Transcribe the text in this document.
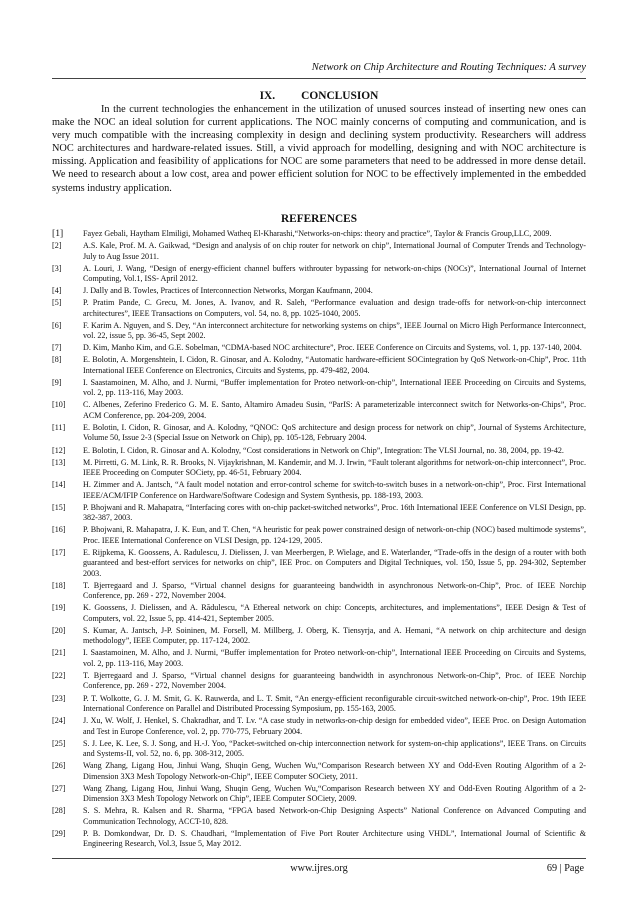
Network on Chip Architecture and Routing Techniques: A survey
IX. CONCLUSION

In the current technologies the enhancement in the utilization of unused sources instead of inserting new ones can make the NOC an ideal solution for current applications. The NOC mainly concerns of computing and communication, and is very much compatible with the increasing complexity in design and declining system productivity. Researchers will address NOC architectures and hardware-related issues. Still, a vivid approach for modelling, designing and with NOC architecture is missing. Application and feasibility of applications for NOC are some parameters that need to be addressed in more dense detail. We need to research about a low cost, area and power efficient solution for NOC to be effectively implemented in the embedded systems industry application.

REFERENCES
[1]	Fayez Gebali, Haytham Elmiligi, Mohamed Watheq El-Kharashi,“Networks-on-chips: theory and practice”, Taylor & Francis Group,LLC, 2009.
[2]	A.S. Kale, Prof. M. A. Gaikwad, “Design and analysis of on chip router for network on chip”, International Journal of Computer Trends and Technology- July to Aug Issue 2011.
[3]	A. Louri, J. Wang, “Design of energy-efficient channel buffers withrouter bypassing for network-on-chips (NOCs)”, International Journal of Internet Computing, Vol.1, ISS- April 2012.
[4]	J. Dally and B. Towles, Practices of Interconnection Networks, Morgan Kaufmann, 2004.
[5]	P. Pratim Pande, C. Grecu, M. Jones, A. Ivanov, and R. Saleh, “Performance evaluation and design trade-offs for network-on-chip interconnect architectures”, IEEE Transactions on Computers, vol. 54, no. 8, pp. 1025-1040, 2005.
[6]	F. Karim A. Nguyen, and S. Dey, “An interconnect architecture for networking systems on chips”, IEEE Journal on Micro High Performance Interconnect, vol. 22, issue 5, pp. 36-45, Sept 2002.
[7]	D. Kim, Manho Kim, and G.E. Sobelman, “CDMA-based NOC architecture”, Proc. IEEE Conference on Circuits and Systems, vol. 1, pp. 137-140, 2004.
[8]	E. Bolotin, A. Morgenshtein, I. Cidon, R. Ginosar, and A. Kolodny, “Automatic hardware-efficient SOCintegration by QoS Network-on-Chip”, Proc. 11th International IEEE Conference on Electronics, Circuits and Systems, pp. 479-482, 2004.
[9]	I. Saastamoinen, M. Alho, and J. Nurmi, “Buffer implementation for Proteo network-on-chip”, International IEEE Proceeding on Circuits and Systems, vol. 2, pp. 113-116, May 2003.
[10]	C. Albenes, Zeferino Frederico G. M. E. Santo, Altamiro Amadeu Susin, “ParIS: A parameterizable interconnect switch for Networks-on-Chips”, Proc. ACM Conference, pp. 204-209, 2004.
[11]	E. Bolotin, I. Cidon, R. Ginosar, and A. Kolodny, “QNOC: QoS architecture and design process for network on chip”, Journal of Systems Architecture, Volume 50, Issue 2-3 (Special Issue on Network on Chip), pp. 105-128, February 2004.
[12]	E. Bolotin, I. Cidon, R. Ginosar and A. Kolodny, “Cost considerations in Network on Chip”, Integration: The VLSI Journal, no. 38, 2004, pp. 19-42.
[13]	M. Pirretti, G. M. Link, R. R. Brooks, N. Vijaykrishnan, M. Kandemir, and M. J. Irwin, “Fault tolerant algorithms for network-on-chip interconnect”, Proc. IEEE Proceeding on Computer SOCiety, pp. 46-51, February 2004.
[14]	H. Zimmer and A. Jantsch, “A fault model notation and error-control scheme for switch-to-switch buses in a network-on-chip”, Proc. First International IEEE/ACM/IFIP Conference on Hardware/Software Codesign and System Synthesis, pp. 188-193, 2003.
[15]	P. Bhojwani and R. Mahapatra, “Interfacing cores with on-chip packet-switched networks”, Proc. 16th International IEEE Conference on VLSI Design, pp. 382-387, 2003.
[16]	P. Bhojwani, R. Mahapatra, J. K. Eun, and T. Chen, “A heuristic for peak power constrained design of network-on-chip (NOC) based multimode systems”, Proc. IEEE International Conference on VLSI Design, pp. 124-129, 2005.
[17]	E. Rijpkema, K. Goossens, A. Radulescu, J. Dielissen, J. van Meerbergen, P. Wielage, and E. Waterlander, “Trade-offs in the design of a router with both guaranteed and best-effort services for networks on chip”, IEE Proc. on Computers and Digital Techniques, vol. 150, Issue 5, pp. 294-302, September 2003.
[18]	T. Bjerregaard and J. Sparso, “Virtual channel designs for guaranteeing bandwidth in asynchronous Network-on-Chip”, Proc. of IEEE Norchip Conference, pp. 269 - 272, November 2004.
[19]	K. Goossens, J. Dielissen, and A. Rădulescu, “A Ethereal network on chip: Concepts, architectures, and implementations”, IEEE Design & Test of Computers, vol. 22, Issue 5, pp. 414-421, September 2005.
[20]	S. Kumar, A. Jantsch, J-P. Soininen, M. Forsell, M. Millberg, J. Oberg, K. Tiensyrja, and A. Hemani, “A network on chip architecture and design methodology”, IEEE Computer, pp. 117-124, 2002.
[21]	I. Saastamoinen, M. Alho, and J. Nurmi, “Buffer implementation for Proteo network-on-chip”, International IEEE Proceeding on Circuits and Systems, vol. 2, pp. 113-116, May 2003.
[22]	T. Bjerregaard and J. Sparso, “Virtual channel designs for guaranteeing bandwidth in asynchronous Network-on-Chip”, Proc. of IEEE Norchip Conference, pp. 269 - 272, November 2004.
[23]	P. T. Wolkotte, G. J. M. Smit, G. K. Rauwerda, and L. T. Smit, “An energy-efficient reconfigurable circuit-switched network-on-chip”, Proc. 19th IEEE International Conference on Parallel and Distributed Processing Symposium, pp. 155-163, 2005.
[24]	J. Xu, W. Wolf, J. Henkel, S. Chakradhar, and T. Lv. “A case study in networks-on-chip design for embedded video”, IEEE Proc. on Design Automation and Test in Europe Conference, vol. 2, pp. 770-775, February 2004.
[25]	S. J. Lee, K. Lee, S. J. Song, and H.-J. Yoo, “Packet-switched on-chip interconnection network for system-on-chip applications”, IEEE Trans. on Circuits and Systems-II, vol. 52, no. 6, pp. 308-312, 2005.
[26]	Wang Zhang, Ligang Hou, Jinhui Wang, Shuqin Geng, Wuchen Wu,“Comparison Research between XY and Odd-Even Routing Algorithm of a 2-Dimension 3X3 Mesh Topology Network-on-Chip”, IEEE Computer SOCiety, 2011.
[27]	Wang Zhang, Ligang Hou, Jinhui Wang, Shuqin Geng, Wuchen Wu,“Comparison Research between XY and Odd-Even Routing Algorithm of a 2-Dimension 3X3 Mesh Topology Network on Chip”, IEEE Computer SOCiety, 2009.
[28]	S. S. Mehra, R. Kalsen and R. Sharma, “FPGA based Network-on-Chip Designing Aspects” National Conference on Advanced Computing and Communication Technology, ACCT-10, 828.
[29]	P. B. Domkondwar, Dr. D. S. Chaudhari, “Implementation of Five Port Router Architecture using VHDL”, International Journal of Scientific & Engineering Research, Vol.3, Issue 5, May 2012.
www.ijres.org	69 | Page
